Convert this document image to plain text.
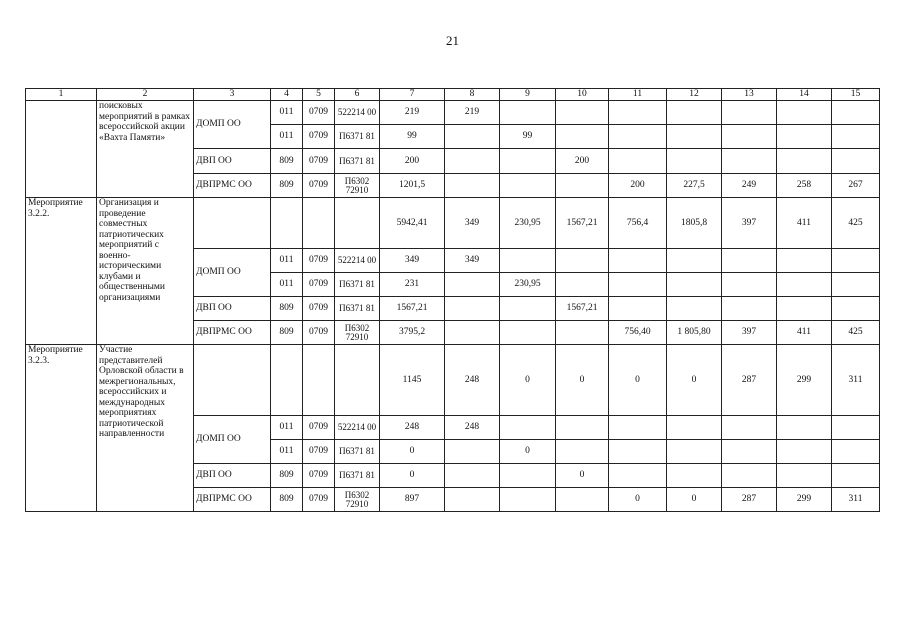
21
1	2	3	4	5	6	7	8	9	10	11	12	13	14	15
	поисковых мероприятий в рамках всероссийской акции «Вахта Памяти»	ДОМП ОО	011	0709	522214 00	219	219							
			011	0709	П6371 81	99		99						
		ДВП ОО	809	0709	П6371 81	200			200					
		ДВПРМС ОО	809	0709	П6302 72910	1201,5				200	227,5	249	258	267
Мероприятие 3.2.2.	Организация и проведение совместных патриотических мероприятий с военно-историческими клубами и общественными организациями					5942,41	349	230,95	1567,21	756,4	1805,8	397	411	425
		ДОМП ОО	011	0709	522214 00	349	349							
			011	0709	П6371 81	231		230,95						
		ДВП ОО	809	0709	П6371 81	1567,21			1567,21					
		ДВПРМС ОО	809	0709	П6302 72910	3795,2				756,40	1 805,80	397	411	425
Мероприятие 3.2.3.	Участие представителей Орловской области в межрегиональных, всероссийских и международных мероприятиях патриотической направленности					1145	248	0	0	0	0	287	299	311
		ДОМП ОО	011	0709	522214 00	248	248							
			011	0709	П6371 81	0		0						
		ДВП ОО	809	0709	П6371 81	0			0					
		ДВПРМС ОО	809	0709	П6302 72910	897				0	0	287	299	311
